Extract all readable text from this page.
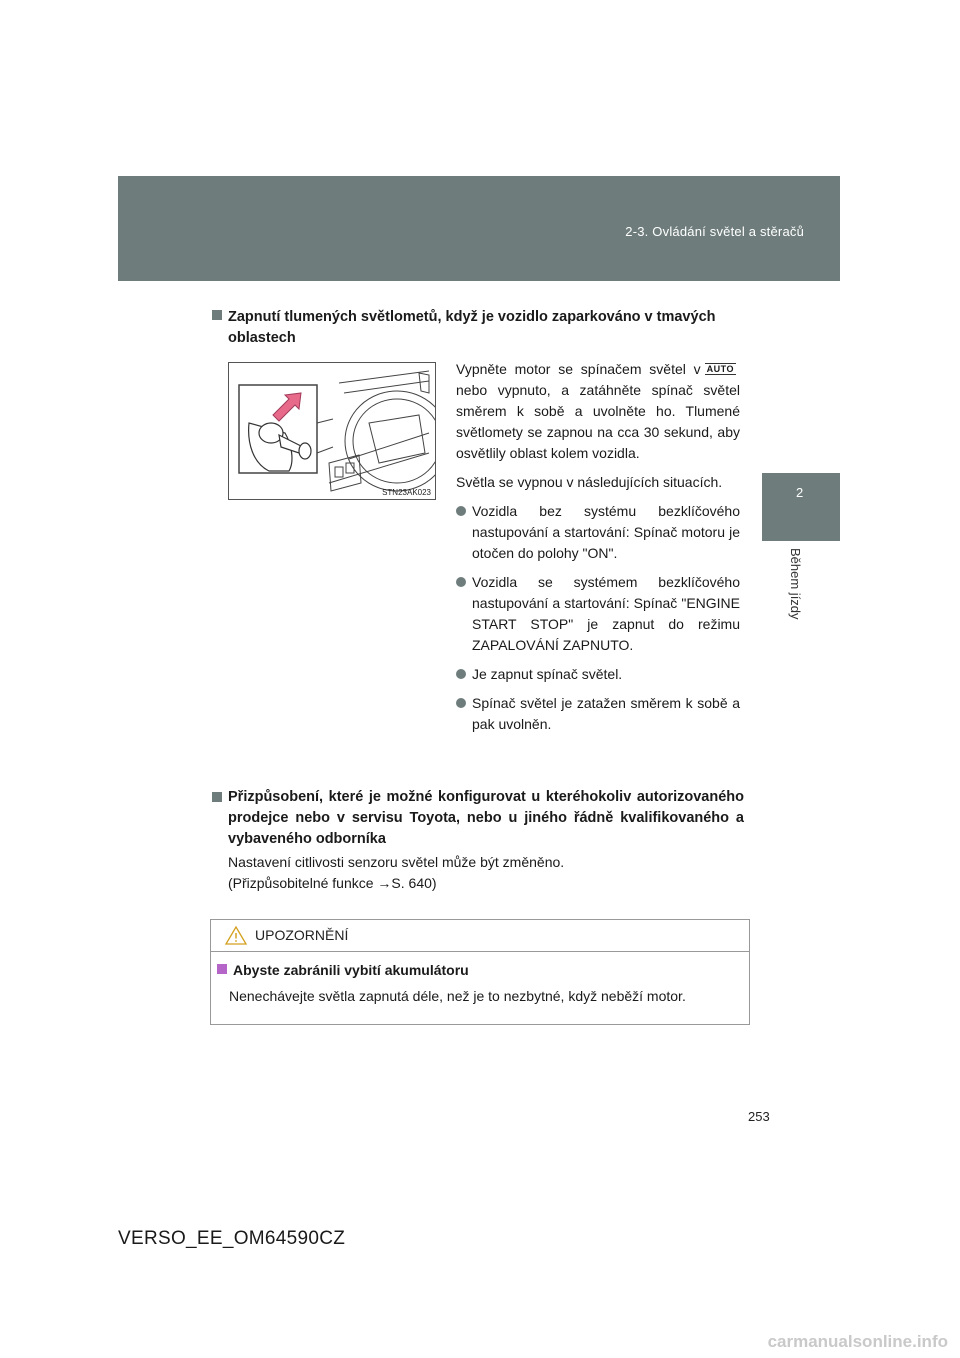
2-3. Ovládání světel a stěračů
2
Během jízdy
Zapnutí tlumených světlometů, když je vozidlo zaparkováno v tmavých
oblastech
STN23AK023

Vypněte motor se spínačem světel v AUTOnebo vypnuto, a zatáhněte spínač světel směrem k sobě a uvolněte ho. Tlumené světlomety se zapnou na cca 30 sekund, aby osvětlily oblast kolem vozidla.

Světla se vypnou v následujících situacích.

Vozidla bez systému bezklíčového nastupování a startování: Spínač motoru je otočen do polohy "ON".
Vozidla se systémem bezklíčového nastupování a startování: Spínač "ENGINE START STOP" je zapnut do režimu ZAPALOVÁNÍ ZAPNUTO.
Je zapnut spínač světel.
Spínač světel je zatažen směrem k sobě a pak uvolněn.
Přizpůsobení, které je možné konfigurovat u kteréhokoliv autorizovaného prodejce nebo v servisu Toyota, nebo u jiného řádně kvalifikovaného a vybaveného odborníka
Nastavení citlivosti senzoru světel může být změněno.
(Přizpůsobitelné funkce →S. 640)
UPOZORNĚNÍ
Abyste zabránili vybití akumulátoru
Nenechávejte světla zapnutá déle, než je to nezbytné, když neběží motor.
253
VERSO_EE_OM64590CZ
carmanualsonline.info
